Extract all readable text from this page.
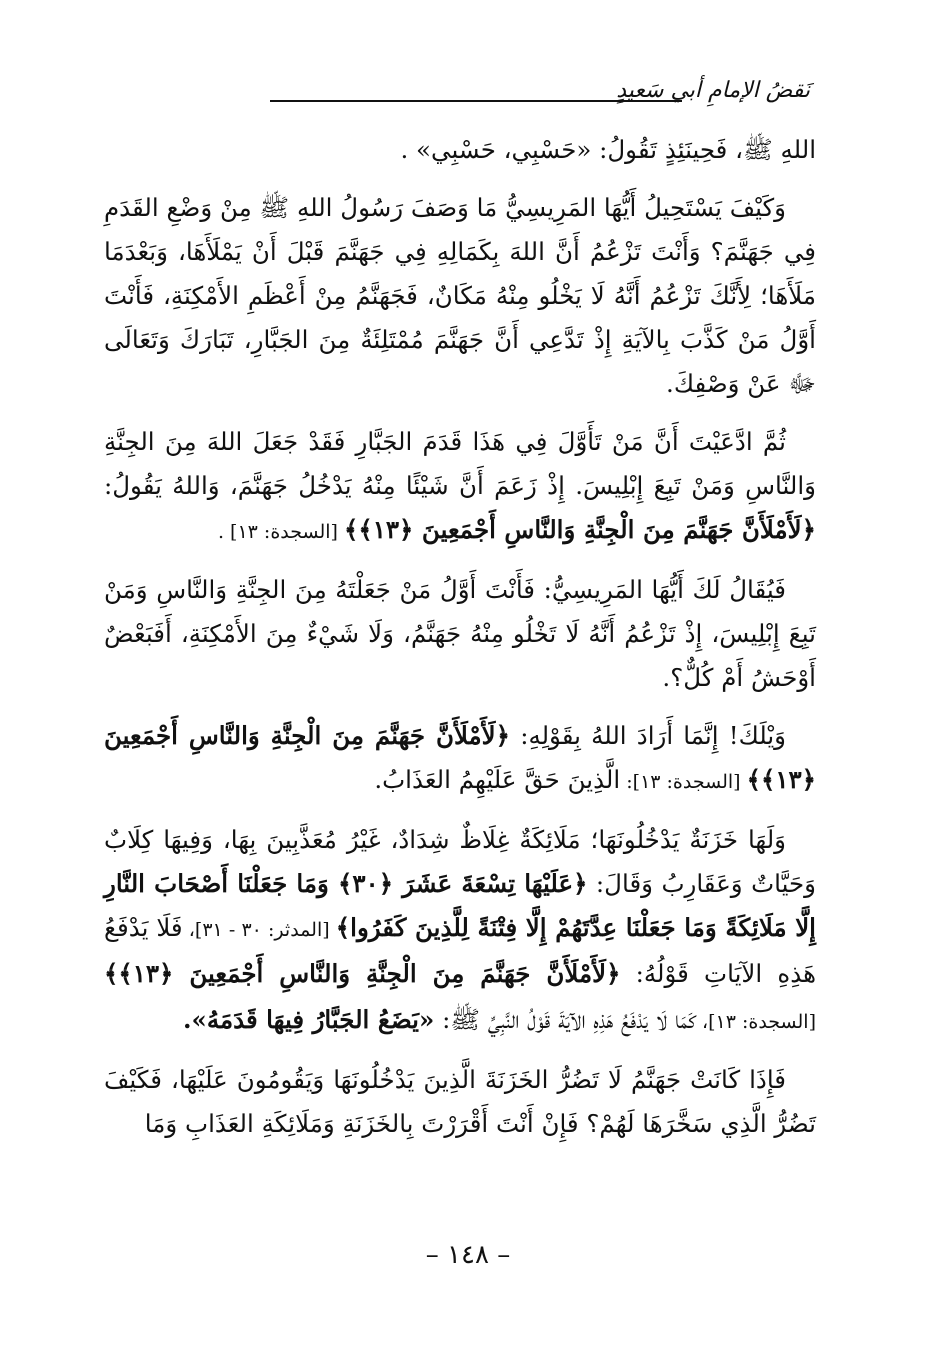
نَقضُ الإمامِ أبي سَعيدٍ

اللهِ ﷺ، فَحِينَئِذٍ تَقُولُ: «حَسْبِي، حَسْبِي» .

وَكَيْفَ يَسْتَحِيلُ أَيُّهَا المَرِيسِيُّ مَا وَصَفَ رَسُولُ اللهِ ﷺ مِنْ وَضْعِ القَدَمِ فِي جَهَنَّمَ؟ وَأَنْتَ تَزْعُمُ أَنَّ اللهَ بِكَمَالِهِ فِي جَهَنَّمَ قَبْلَ أَنْ يَمْلَأَهَا، وَبَعْدَمَا مَلَأَهَا؛ لِأَنَّكَ تَزْعُمُ أَنَّهُ لَا يَخْلُو مِنْهُ مَكَانٌ، فَجَهَنَّمُ مِنْ أَعْظَمِ الأَمْكِنَةِ، فَأَنْتَ أَوَّلُ مَنْ كَذَّبَ بِالآيَةِ إِذْ تَدَّعِي أَنَّ جَهَنَّمَ مُمْتَلِئَةٌ مِنَ الجَبَّارِ، تَبَارَكَ وَتَعَالَى ﷻ عَنْ وَصْفِكَ.

ثُمَّ ادَّعَيْتَ أَنَّ مَنْ تَأَوَّلَ فِي هَذَا قَدَمَ الجَبَّارِ فَقَدْ جَعَلَ اللهَ مِنَ الجِنَّةِ وَالنَّاسِ وَمَنْ تَبِعَ إِبْلِيسَ. إِذْ زَعَمَ أَنَّ شَيْئًا مِنْهُ يَدْخُلُ جَهَنَّمَ، وَاللهُ يَقُولُ: ﴿لَأَمْلَأَنَّ جَهَنَّمَ مِنَ الْجِنَّةِ وَالنَّاسِ أَجْمَعِينَ ﴿١٣﴾﴾ [السجدة: ١٣] .

فَيُقَالُ لَكَ أَيُّهَا المَرِيسِيُّ: فَأَنْتَ أَوَّلُ مَنْ جَعَلْتَهُ مِنَ الجِنَّةِ وَالنَّاسِ وَمَنْ تَبِعَ إِبْلِيسَ، إِذْ تَزْعُمُ أَنَّهُ لَا تَخْلُو مِنْهُ جَهَنَّمُ، وَلَا شَيْءٌ مِنَ الأَمْكِنَةِ، أَفَبَعْضٌ أَوْحَشُ أَمْ كُلٌّ؟.

وَيْلَكَ! إِنَّمَا أَرَادَ اللهُ بِقَوْلِهِ: ﴿لَأَمْلَأَنَّ جَهَنَّمَ مِنَ الْجِنَّةِ وَالنَّاسِ أَجْمَعِينَ ﴿١٣﴾﴾ [السجدة: ١٣]: الَّذِينَ حَقَّ عَلَيْهِمُ العَذَابُ.

وَلَهَا خَزَنَةٌ يَدْخُلُونَهَا؛ مَلَائِكَةٌ غِلَاظٌ شِدَادٌ، غَيْرُ مُعَذَّبِينَ بِهَا، وَفِيهَا كِلَابٌ وَحَيَّاتٌ وَعَقَارِبُ وَقَالَ: ﴿عَلَيْهَا تِسْعَةَ عَشَرَ ﴿٣٠﴾ وَمَا جَعَلْنَا أَصْحَابَ النَّارِ إِلَّا مَلَائِكَةً وَمَا جَعَلْنَا عِدَّتَهُمْ إِلَّا فِتْنَةً لِلَّذِينَ كَفَرُوا﴾ [المدثر: ٣٠ - ٣١]، فَلَا يَدْفَعُ هَذِهِ الآيَاتِ قَوْلُهُ: ﴿لَأَمْلَأَنَّ جَهَنَّمَ مِنَ الْجِنَّةِ وَالنَّاسِ أَجْمَعِينَ ﴿١٣﴾﴾ [السجدة: ١٣]، كَمَا لَا يَدْفَعُ هَذِهِ الآيَةَ قَوْلُ النَّبِيِّ ﷺ: «يَضَعُ الجَبَّارُ فِيهَا قَدَمَهُ».

فَإِذَا كَانَتْ جَهَنَّمُ لَا تَضُرُّ الخَزَنَةَ الَّذِينَ يَدْخُلُونَهَا وَيَقُومُونَ عَلَيْهَا، فَكَيْفَ تَضُرُّ الَّذِي سَخَّرَهَا لَهُمْ؟ فَإِنْ أَنْتَ أَقْرَرْتَ بِالخَزَنَةِ وَمَلَائِكَةِ العَذَابِ وَمَا

– ١٤٨ –
